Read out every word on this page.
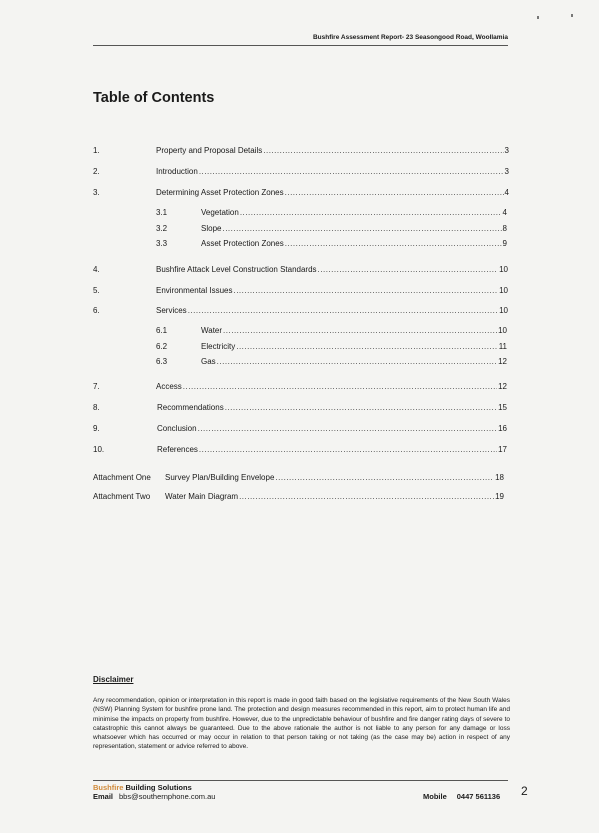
Bushfire Assessment Report- 23 Seasongood Road, Woollamia
Table of Contents
1.	Property and Proposal Details .....	3
2.	Introduction .....	3
3.	Determining Asset Protection Zones .....	4
3.1	Vegetation .....	4
3.2	Slope .....	8
3.3	Asset Protection Zones .....	9
4.	Bushfire Attack Level Construction Standards .....	10
5.	Environmental Issues .....	10
6.	Services .....	10
6.1	Water .....	10
6.2	Electricity .....	11
6.3	Gas .....	12
7.	Access .....	12
8.	Recommendations .....	15
9.	Conclusion .....	16
10.	References .....	17
Attachment One	Survey Plan/Building Envelope .....	18
Attachment Two	Water Main Diagram .....	19
Disclaimer

Any recommendation, opinion or interpretation in this report is made in good faith based on the legislative requirements of the New South Wales (NSW) Planning System for bushfire prone land. The protection and design measures recommended in this report, aim to protect human life and minimise the impacts on property from bushfire. However, due to the unpredictable behaviour of bushfire and fire danger rating days of severe to catastrophic this cannot always be guaranteed. Due to the above rationale the author is not liable to any person for any damage or loss whatsoever which has occurred or may occur in relation to that person taking or not taking (as the case may be) action in respect of any representation, statement or advice referred to above.

Bushfire Building Solutions
Email bbs@southernphone.com.au	Mobile 0447 561136 2
